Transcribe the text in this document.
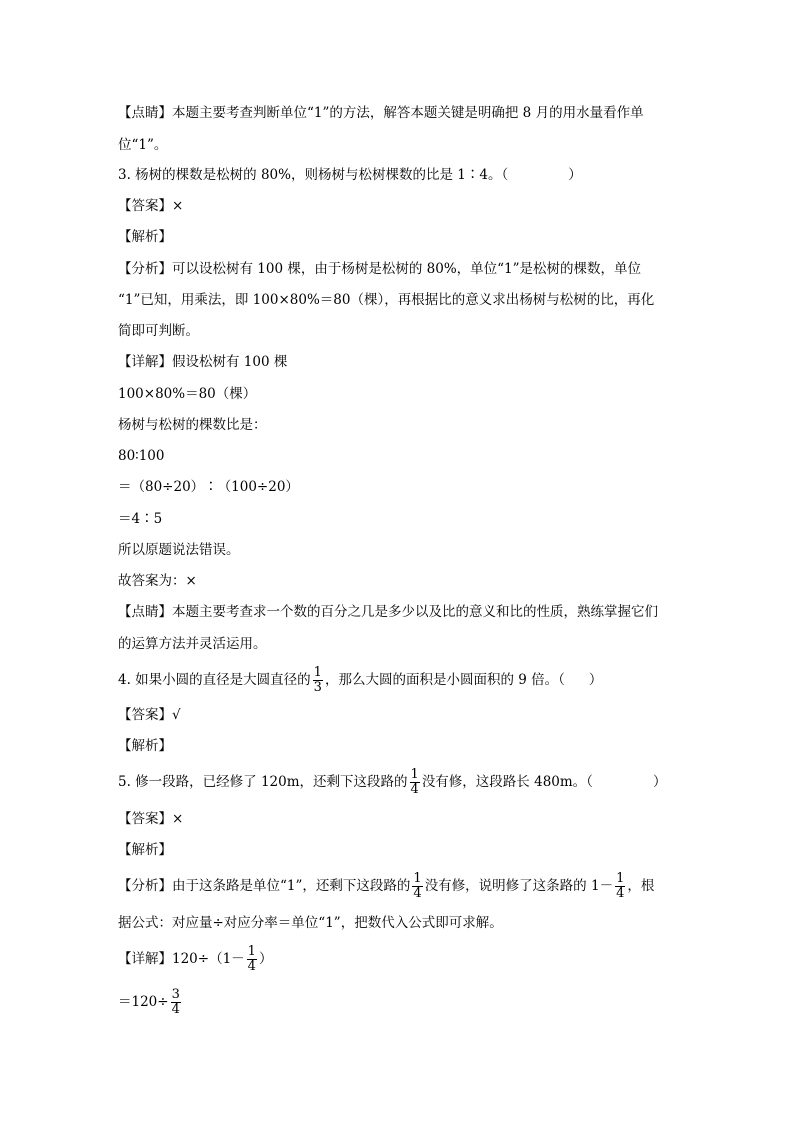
【点睛】本题主要考查判断单位“1”的方法，解答本题关键是明确把 8 月的用水量看作单
位“1”。
3. 杨树的棵数是松树的 80%，则杨树与松树棵数的比是 1∶4。（	）
【答案】×
【解析】
【分析】可以设松树有 100 棵，由于杨树是松树的 80%，单位“1”是松树的棵数，单位
“1”已知，用乘法，即 100×80%＝80（棵），再根据比的意义求出杨树与松树的比，再化
简即可判断。
【详解】假设松树有 100 棵
100×80%＝80（棵）
杨树与松树的棵数比是：
80∶100
＝（80÷20）∶（100÷20）
＝4∶5
所以原题说法错误。
故答案为：×
【点睛】本题主要考查求一个数的百分之几是多少以及比的意义和比的性质，熟练掌握它们
的运算方法并灵活运用。
4. 如果小圆的直径是大圆直径的 $\frac{1}{3}$ ，那么大圆的面积是小圆面积的 9 倍。（ ）
【答案】√
【解析】
5. 修一段路，已经修了 120m，还剩下这段路的 $\frac{1}{4}$ 没有修，这段路长 480m。（	）
【答案】×
【解析】
【分析】由于这条路是单位“1”，还剩下这段路的 $\frac{1}{4}$ 没有修，说明修了这条路的 $1- \frac{1}{4}$ ，根
据公式：对应量÷对应分率＝单位“1”，把数代入公式即可求解。
【详解】$120\div(1- \frac{1}{4}$ ）
$=120\div \frac{3}{4}$
